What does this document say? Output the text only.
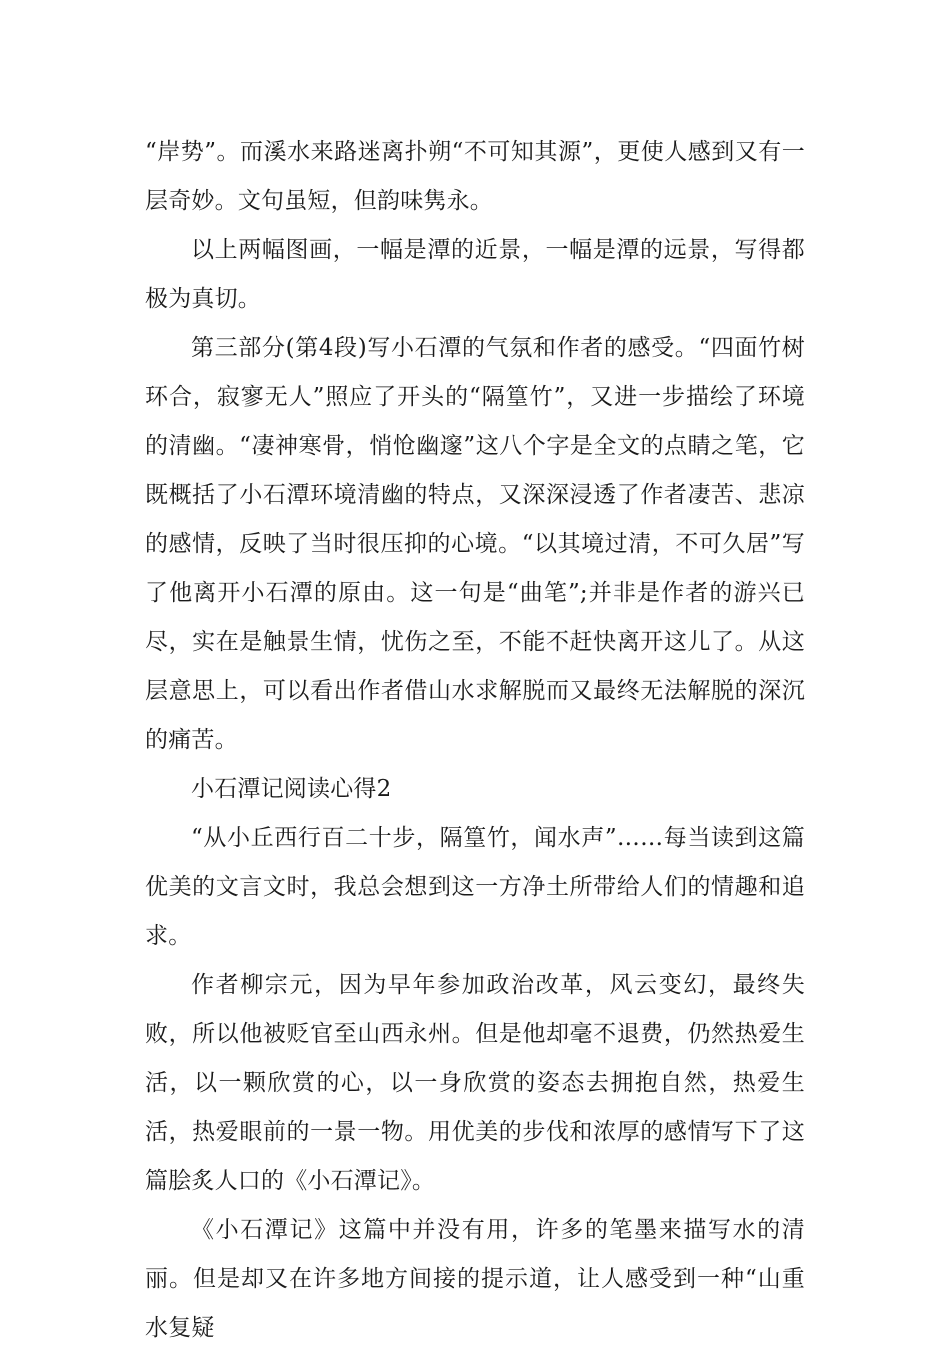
“岸势”。而溪水来路迷离扑朔“不可知其源”，更使人感到又有一层奇妙。文句虽短，但韵味隽永。

以上两幅图画，一幅是潭的近景，一幅是潭的远景，写得都极为真切。

第三部分(第4段)写小石潭的气氛和作者的感受。“四面竹树环合，寂寥无人”照应了开头的“隔篁竹”，又进一步描绘了环境的清幽。“凄神寒骨，悄怆幽邃”这八个字是全文的点睛之笔，它既概括了小石潭环境清幽的特点，又深深浸透了作者凄苦、悲凉的感情，反映了当时很压抑的心境。“以其境过清，不可久居”写了他离开小石潭的原由。这一句是“曲笔”;并非是作者的游兴已尽，实在是触景生情，忧伤之至，不能不赶快离开这儿了。从这层意思上，可以看出作者借山水求解脱而又最终无法解脱的深沉的痛苦。

小石潭记阅读心得2

“从小丘西行百二十步，隔篁竹，闻水声”……每当读到这篇优美的文言文时，我总会想到这一方净土所带给人们的情趣和追求。

作者柳宗元，因为早年参加政治改革，风云变幻，最终失败，所以他被贬官至山西永州。但是他却毫不退费，仍然热爱生活，以一颗欣赏的心，以一身欣赏的姿态去拥抱自然，热爱生活，热爱眼前的一景一物。用优美的步伐和浓厚的感情写下了这篇脍炙人口的《小石潭记》。

《小石潭记》这篇中并没有用，许多的笔墨来描写水的清丽。但是却又在许多地方间接的提示道，让人感受到一种“山重水复疑
